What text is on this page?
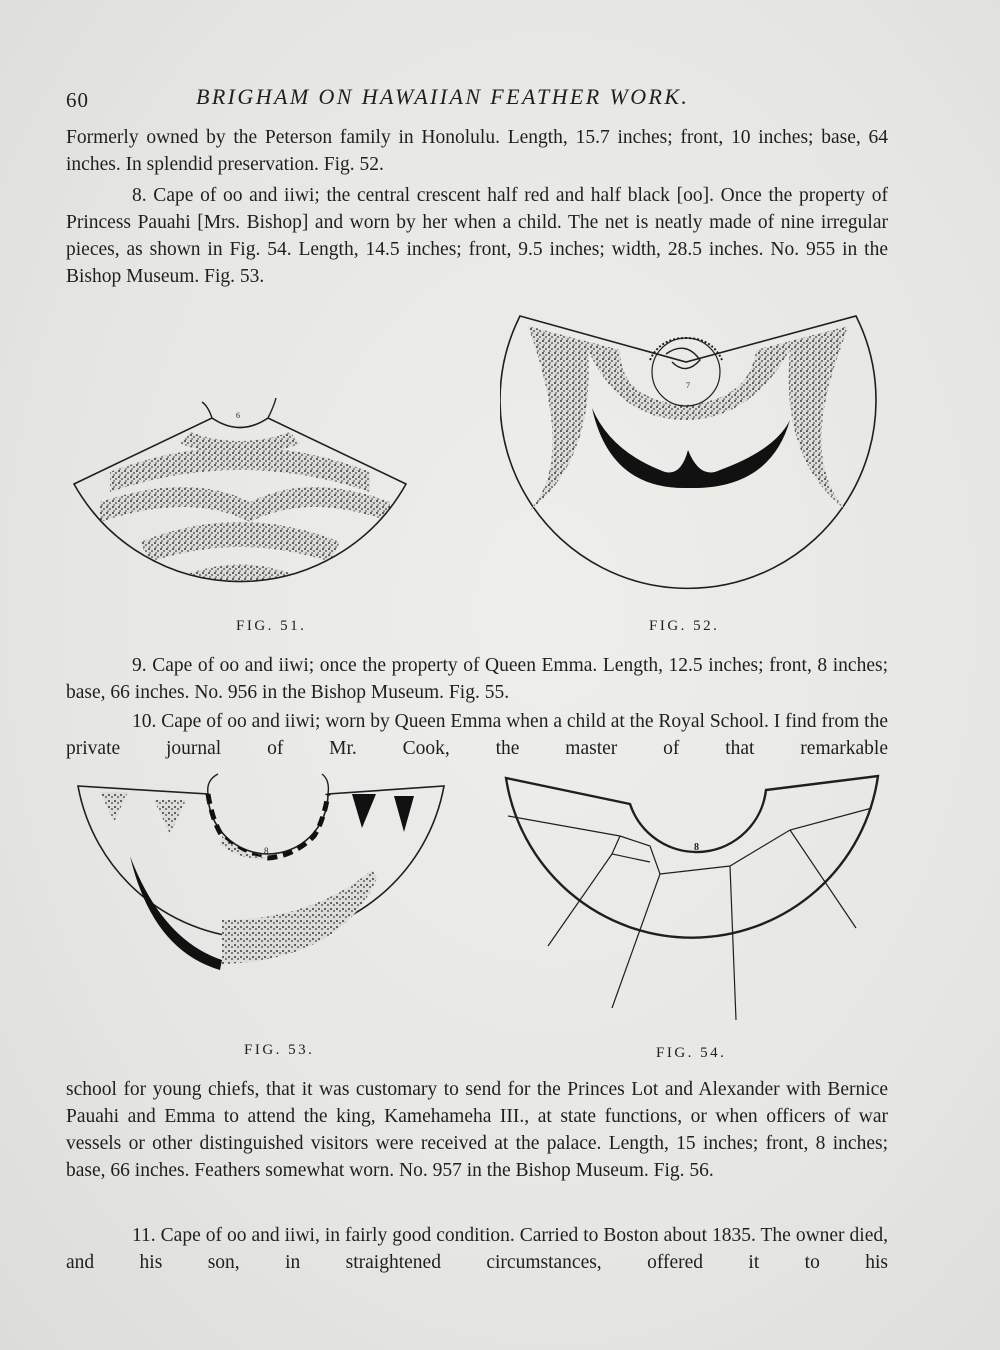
60	BRIGHAM ON HAWAIIAN FEATHER WORK.

Formerly owned by the Peterson family in Honolulu. Length, 15.7 inches; front, 10 inches; base, 64 inches. In splendid preservation. Fig. 52.

8. Cape of oo and iiwi; the central crescent half red and half black [oo]. Once the property of Princess Pauahi [Mrs. Bishop] and worn by her when a child. The net is neatly made of nine irregular pieces, as shown in Fig. 54. Length, 14.5 inches; front, 9.5 inches; width, 28.5 inches. No. 955 in the Bishop Museum. Fig. 53.

6
FIG. 51.
7
FIG. 52.

9. Cape of oo and iiwi; once the property of Queen Emma. Length, 12.5 inches; front, 8 inches; base, 66 inches. No. 956 in the Bishop Museum. Fig. 55.

10. Cape of oo and iiwi; worn by Queen Emma when a child at the Royal School. I find from the private journal of Mr. Cook, the master of that remarkable

8
FIG. 53.
8
FIG. 54.

school for young chiefs, that it was customary to send for the Princes Lot and Alexander with Bernice Pauahi and Emma to attend the king, Kamehameha III., at state functions, or when officers of war vessels or other distinguished visitors were received at the palace. Length, 15 inches; front, 8 inches; base, 66 inches. Feathers somewhat worn. No. 957 in the Bishop Museum. Fig. 56.

11. Cape of oo and iiwi, in fairly good condition. Carried to Boston about 1835. The owner died, and his son, in straightened circumstances, offered it to his
